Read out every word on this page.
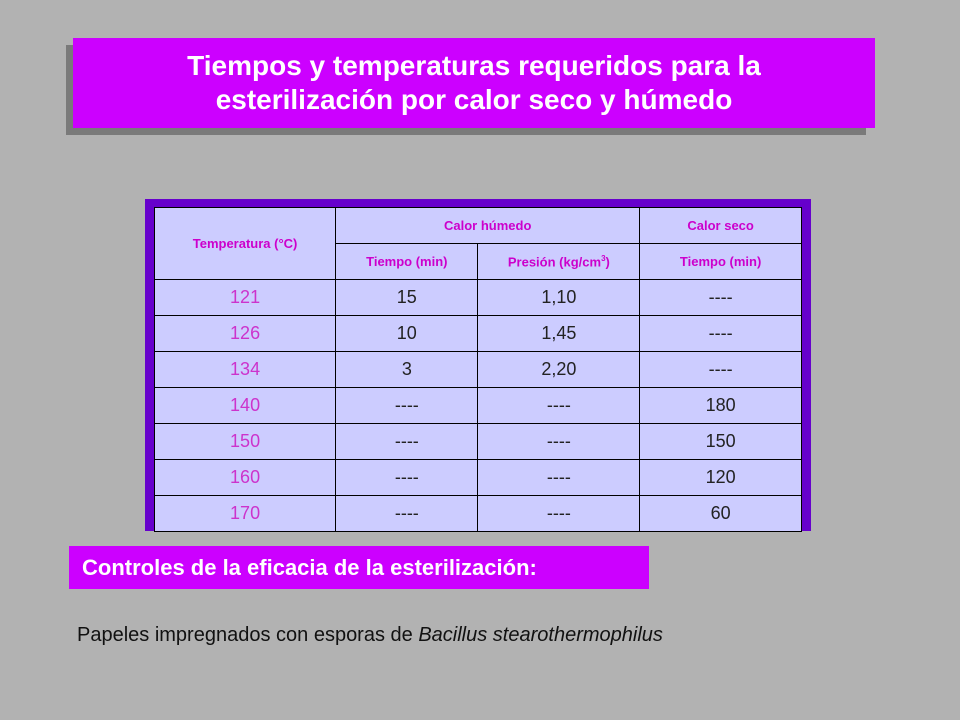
Tiempos y temperaturas requeridos para la
esterilización por calor seco y húmedo
Temperatura (°C)	Calor húmedo		Calor seco
	Tiempo (min)	Presión $(kg/cm^3)$	Tiempo (min)
121	15	1,10	----
126	10	1,45	----
134	3	2,20	----
140	----	----	180
150	----	----	150
160	----	----	120
170	----	----	60
Controles de la eficacia de la esterilización:
Papeles impregnados con esporas de Bacillus stearothermophilus
